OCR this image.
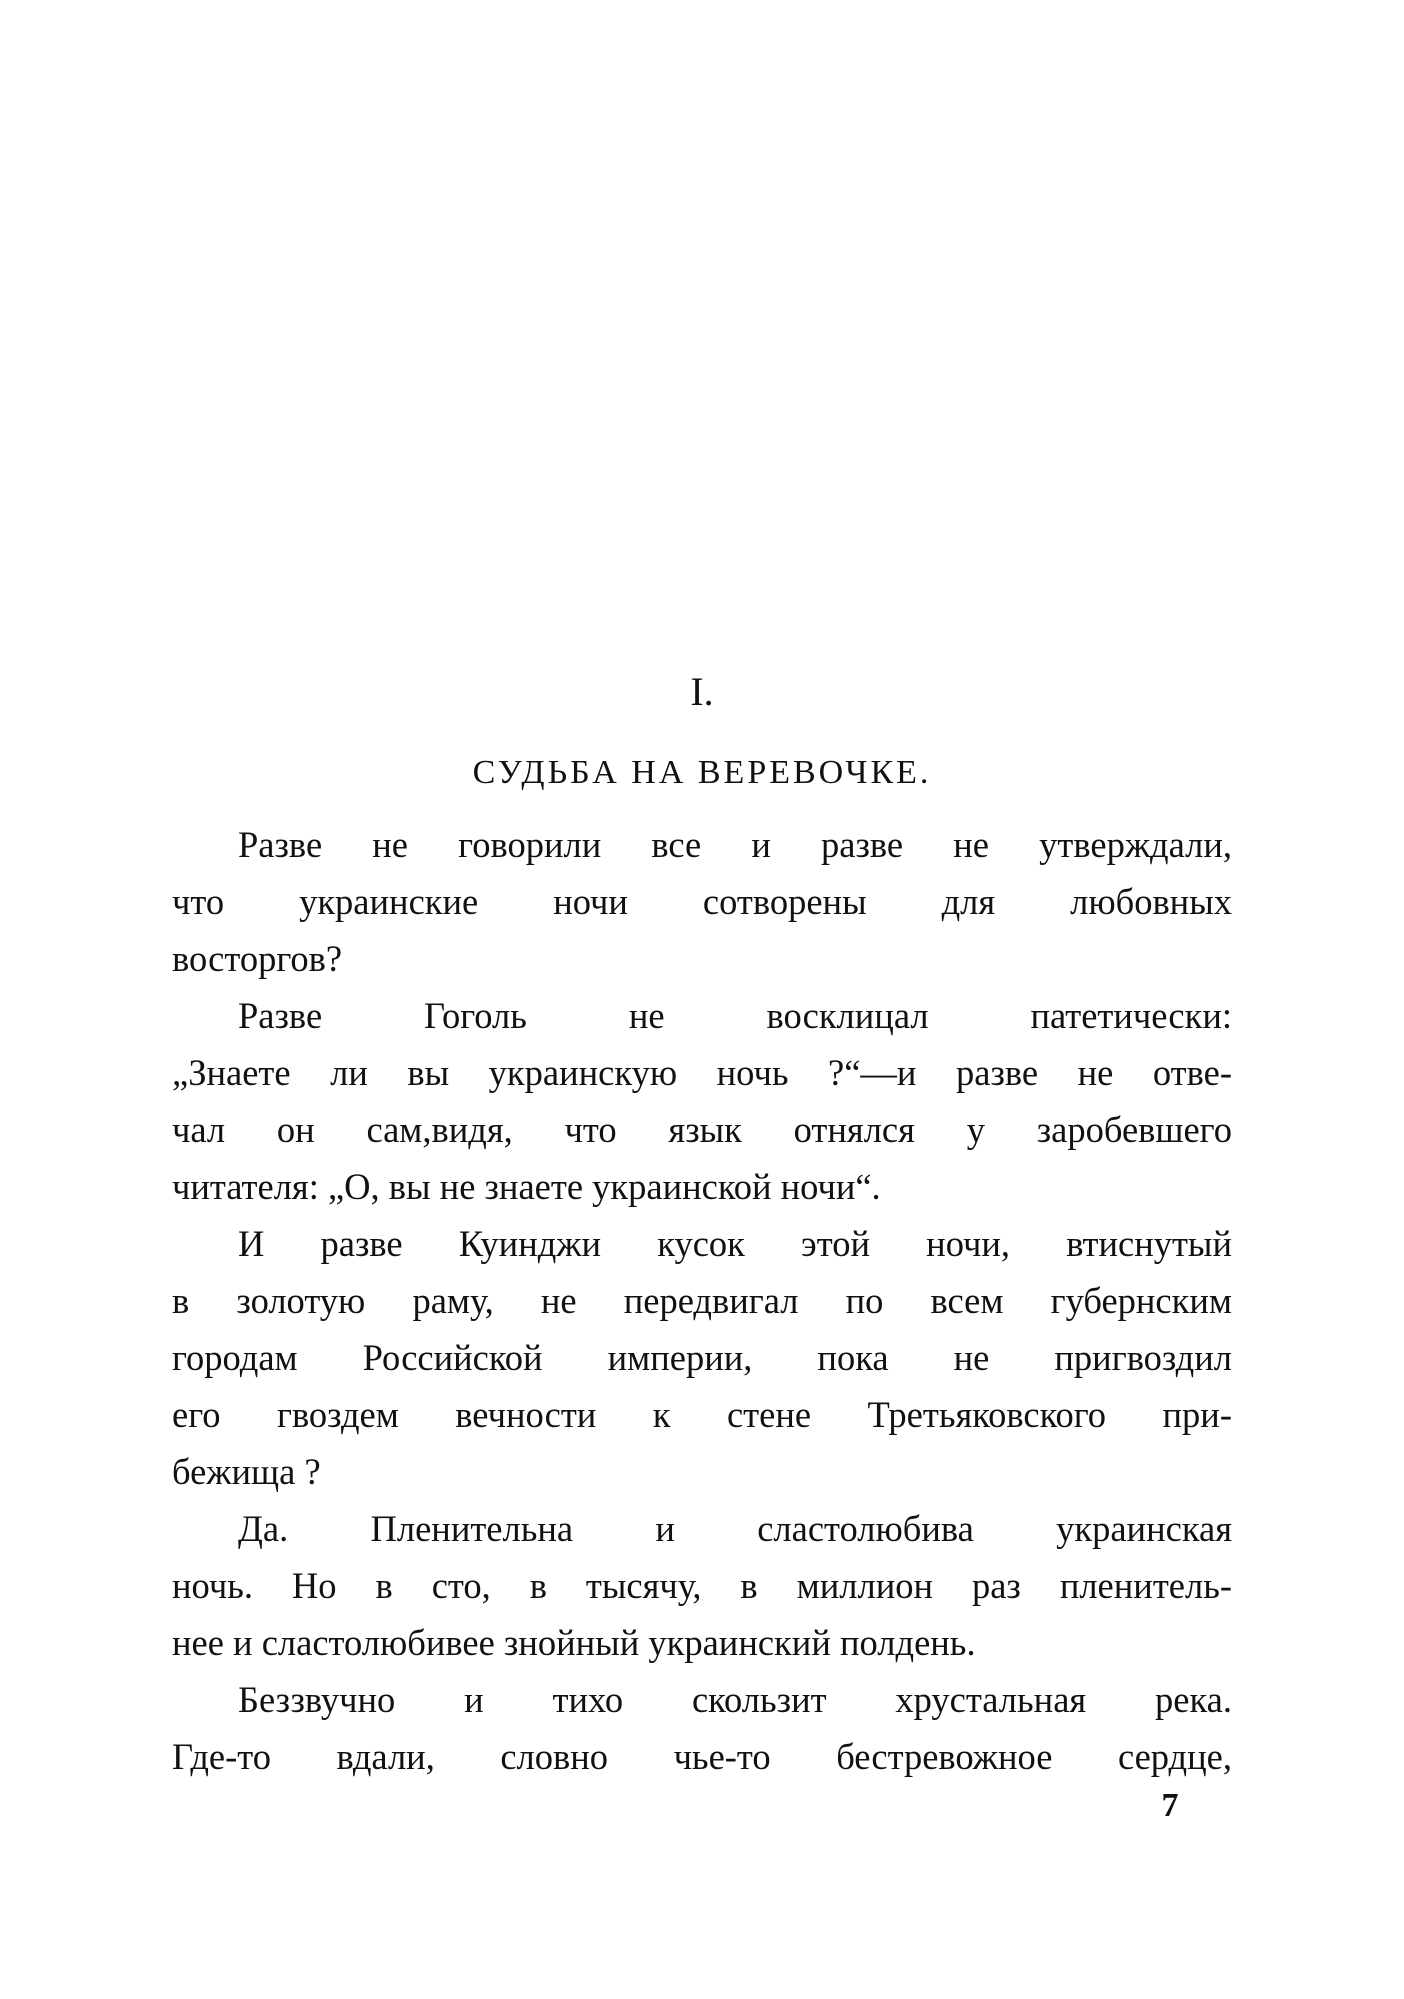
I.
СУДЬБА НА ВЕРЕВОЧКЕ.
Разве не говорили все и разве не утверждали,
что украинские ночи сотворены для любовных
восторгов?
Разве Гоголь не восклицал патетически:
„Знаете ли вы украинскую ночь ?“—и разве не отве-
чал он сам,видя, что язык отнялся у заробевшего
читателя: „О, вы не знаете украинской ночи“.
И разве Куинджи кусок этой ночи, втиснутый
в золотую раму, не передвигал по всем губернским
городам Российской империи, пока не пригвоздил
его гвоздем вечности к стене Третьяковского при-
бежища ?
Да. Пленительна и сластолюбива украинская
ночь. Но в сто, в тысячу, в миллион раз пленитель-
нее и сластолюбивее знойный украинский полдень.
Беззвучно и тихо скользит хрустальная река.
Где-то вдали, словно чье-то бестревожное сердце,
7
